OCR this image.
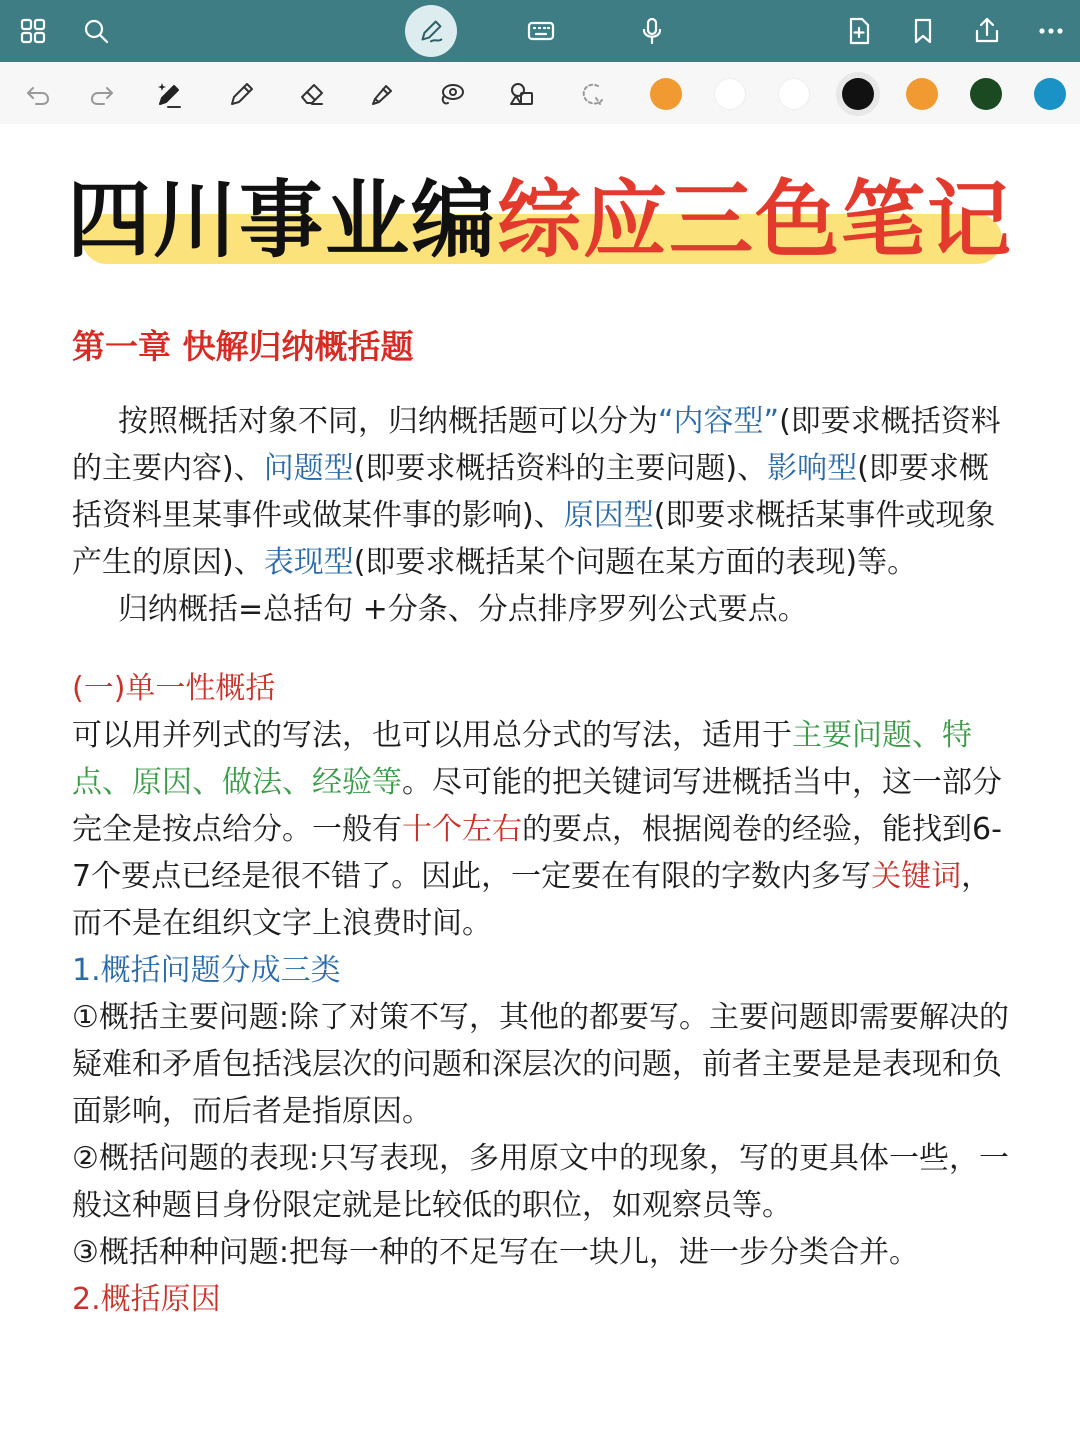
四川事业编综应三色笔记
第一章 快解归纳概括题
按照概括对象不同，归纳概括题可以分为“内容型”(即要求概括资料的主要内容)、问题型(即要求概括资料的主要问题)、影响型(即要求概括资料里某事件或做某件事的影响)、原因型(即要求概括某事件或现象产生的原因)、表现型(即要求概括某个问题在某方面的表现)等。
归纳概括=总括句 +分条、分点排序罗列公式要点。
(一)单一性概括
可以用并列式的写法，也可以用总分式的写法，适用于主要问题、特点、原因、做法、经验等。尽可能的把关键词写进概括当中，这一部分完全是按点给分。一般有十个左右的要点，根据阅卷的经验，能找到6-7个要点已经是很不错了。因此，一定要在有限的字数内多写关键词，而不是在组织文字上浪费时间。
1.概括问题分成三类
①概括主要问题:除了对策不写，其他的都要写。主要问题即需要解决的疑难和矛盾包括浅层次的问题和深层次的问题，前者主要是是表现和负面影响，而后者是指原因。
②概括问题的表现:只写表现，多用原文中的现象，写的更具体一些，一般这种题目身份限定就是比较低的职位，如观察员等。
③概括种种问题:把每一种的不足写在一块儿，进一步分类合并。
2.概括原因
